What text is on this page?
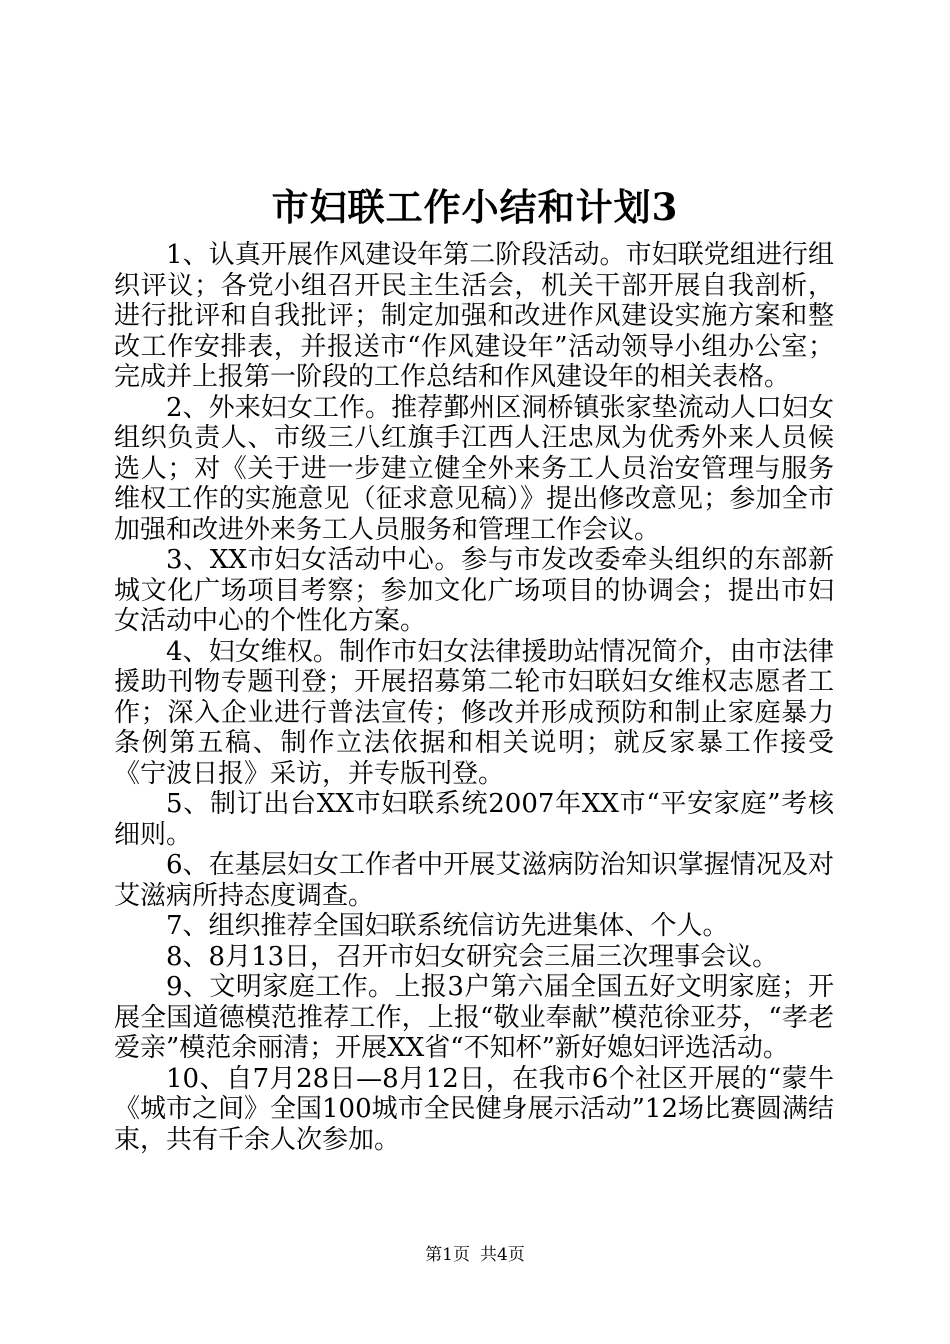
市妇联工作小结和计划3

1、认真开展作风建设年第二阶段活动。市妇联党组进行组织评议；各党小组召开民主生活会，机关干部开展自我剖析，进行批评和自我批评；制定加强和改进作风建设实施方案和整改工作安排表，并报送市“作风建设年”活动领导小组办公室；完成并上报第一阶段的工作总结和作风建设年的相关表格。

2、外来妇女工作。推荐鄞州区洞桥镇张家垫流动人口妇女组织负责人、市级三八红旗手江西人汪忠凤为优秀外来人员候选人；对《关于进一步建立健全外来务工人员治安管理与服务维权工作的实施意见（征求意见稿）》提出修改意见；参加全市加强和改进外来务工人员服务和管理工作会议。

3、XX市妇女活动中心。参与市发改委牵头组织的东部新城文化广场项目考察；参加文化广场项目的协调会；提出市妇女活动中心的个性化方案。

4、妇女维权。制作市妇女法律援助站情况简介，由市法律援助刊物专题刊登；开展招募第二轮市妇联妇女维权志愿者工作；深入企业进行普法宣传；修改并形成预防和制止家庭暴力条例第五稿、制作立法依据和相关说明；就反家暴工作接受《宁波日报》采访，并专版刊登。

5、制订出台XX市妇联系统2007年XX市“平安家庭”考核细则。

6、在基层妇女工作者中开展艾滋病防治知识掌握情况及对艾滋病所持态度调查。

7、组织推荐全国妇联系统信访先进集体、个人。

8、8月13日，召开市妇女研究会三届三次理事会议。

9、文明家庭工作。上报3户第六届全国五好文明家庭；开展全国道德模范推荐工作，上报“敬业奉献”模范徐亚芬，“孝老爱亲”模范余丽清；开展XX省“不知杯”新好媳妇评选活动。

10、自7月28日—8月12日，在我市6个社区开展的“蒙牛《城市之间》全国100城市全民健身展示活动”12场比赛圆满结束，共有千余人次参加。

第1页 共4页
